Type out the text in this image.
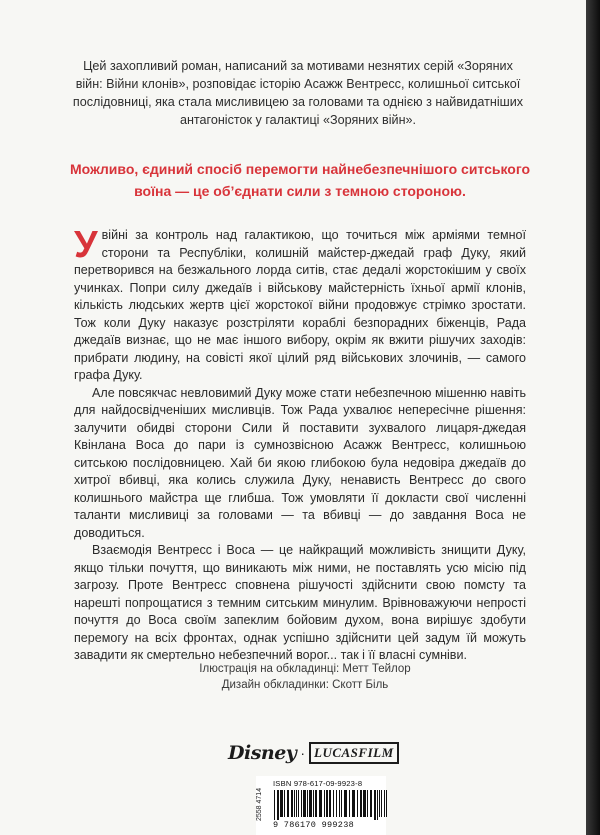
Цей захопливий роман, написаний за мотивами незнятих серій «Зоряних війн: Війни клонів», розповідає історію Асажж Вентресс, колишньої ситської послідовниці, яка стала мисливицею за головами та однією з найвидатніших антагоністок у галактиці «Зоряних війн».

Можливо, єдиний спосіб перемогти найнебезпечнішого ситського воїна — це об’єднати сили з темною стороною.

Увійні за контроль над галактикою, що точиться між арміями темної сторони та Республіки, колишній майстер-джедай граф Дуку, який перетворився на безжального лорда ситів, стає дедалі жорстокішим у своїх учинках. Попри силу джедаїв і військову майстерність їхньої армії клонів, кількість людських жертв цієї жорстокої війни продовжує стрімко зростати. Тож коли Дуку наказує розстріляти кораблі безпорадних біженців, Рада джедаїв визнає, що не має іншого вибору, окрім як вжити рішучих заходів: прибрати людину, на совісті якої цілий ряд військових злочинів, — самого графа Дуку.

Але повсякчас невловимий Дуку може стати небезпечною мішенню навіть для найдосвідченіших мисливців. Тож Рада ухвалює непересічне рішення: залучити обидві сторони Сили й поставити зухвалого лицаря-джедая Квінлана Воса до пари із сумнозвісною Асажж Вентресс, колишньою ситською послідовницею. Хай би якою глибокою була недовіра джедаїв до хитрої вбивці, яка колись служила Дуку, ненависть Вентресс до свого колишнього майстра ще глибша. Тож умовляти її докласти свої численні таланти мисливиці за головами — та вбивці — до завдання Воса не доводиться.

Взаємодія Вентресс і Воса — це найкращий можливість знищити Дуку, якщо тільки почуття, що виникають між ними, не поставлять усю місію під загрозу. Проте Вентресс сповнена рішучості здійснити свою помсту та нарешті попрощатися з темним ситським минулим. Врівноважуючи непрості почуття до Воса своїм запеклим бойовим духом, вона вирішує здобути перемогу на всіх фронтах, однак успішно здійснити цей задум їй можуть завадити як смертельно небезпечний ворог... так і її власні сумніви.

Ілюстрація на обкладинці: Метт Тейлор
Дизайн обкладинки: Скотт Біль
Disney · LUCASFILM
2558 4714
ISBN 978-617-09-9923-8
9 786170 999238
